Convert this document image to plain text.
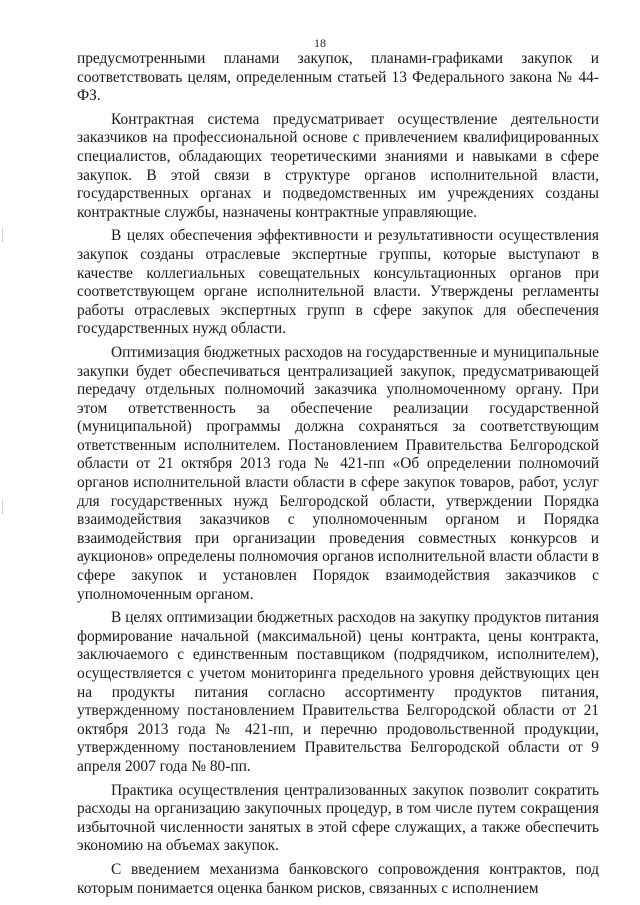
18

предусмотренными планами закупок, планами-графиками закупок и соответствовать целям, определенным статьей 13 Федерального закона № 44-ФЗ.

Контрактная система предусматривает осуществление деятельности заказчиков на профессиональной основе с привлечением квалифицированных специалистов, обладающих теоретическими знаниями и навыками в сфере закупок. В этой связи в структуре органов исполнительной власти, государственных органах и подведомственных им учреждениях созданы контрактные службы, назначены контрактные управляющие.

В целях обеспечения эффективности и результативности осуществления закупок созданы отраслевые экспертные группы, которые выступают в качестве коллегиальных совещательных консультационных органов при соответствующем органе исполнительной власти. Утверждены регламенты работы отраслевых экспертных групп в сфере закупок для обеспечения государственных нужд области.

Оптимизация бюджетных расходов на государственные и муниципальные закупки будет обеспечиваться централизацией закупок, предусматривающей передачу отдельных полномочий заказчика уполномоченному органу. При этом ответственность за обеспечение реализации государственной (муниципальной) программы должна сохраняться за соответствующим ответственным исполнителем. Постановлением Правительства Белгородской области от 21 октября 2013 года № 421-пп «Об определении полномочий органов исполнительной власти области в сфере закупок товаров, работ, услуг для государственных нужд Белгородской области, утверждении Порядка взаимодействия заказчиков с уполномоченным органом и Порядка взаимодействия при организации проведения совместных конкурсов и аукционов» определены полномочия органов исполнительной власти области в сфере закупок и установлен Порядок взаимодействия заказчиков с уполномоченным органом.

В целях оптимизации бюджетных расходов на закупку продуктов питания формирование начальной (максимальной) цены контракта, цены контракта, заключаемого с единственным поставщиком (подрядчиком, исполнителем), осуществляется с учетом мониторинга предельного уровня действующих цен на продукты питания согласно ассортименту продуктов питания, утвержденному постановлением Правительства Белгородской области от 21 октября 2013 года № 421-пп, и перечню продовольственной продукции, утвержденному постановлением Правительства Белгородской области от 9 апреля 2007 года № 80-пп.

Практика осуществления централизованных закупок позволит сократить расходы на организацию закупочных процедур, в том числе путем сокращения избыточной численности занятых в этой сфере служащих, а также обеспечить экономию на объемах закупок.

С введением механизма банковского сопровождения контрактов, под которым понимается оценка банком рисков, связанных с исполнением
